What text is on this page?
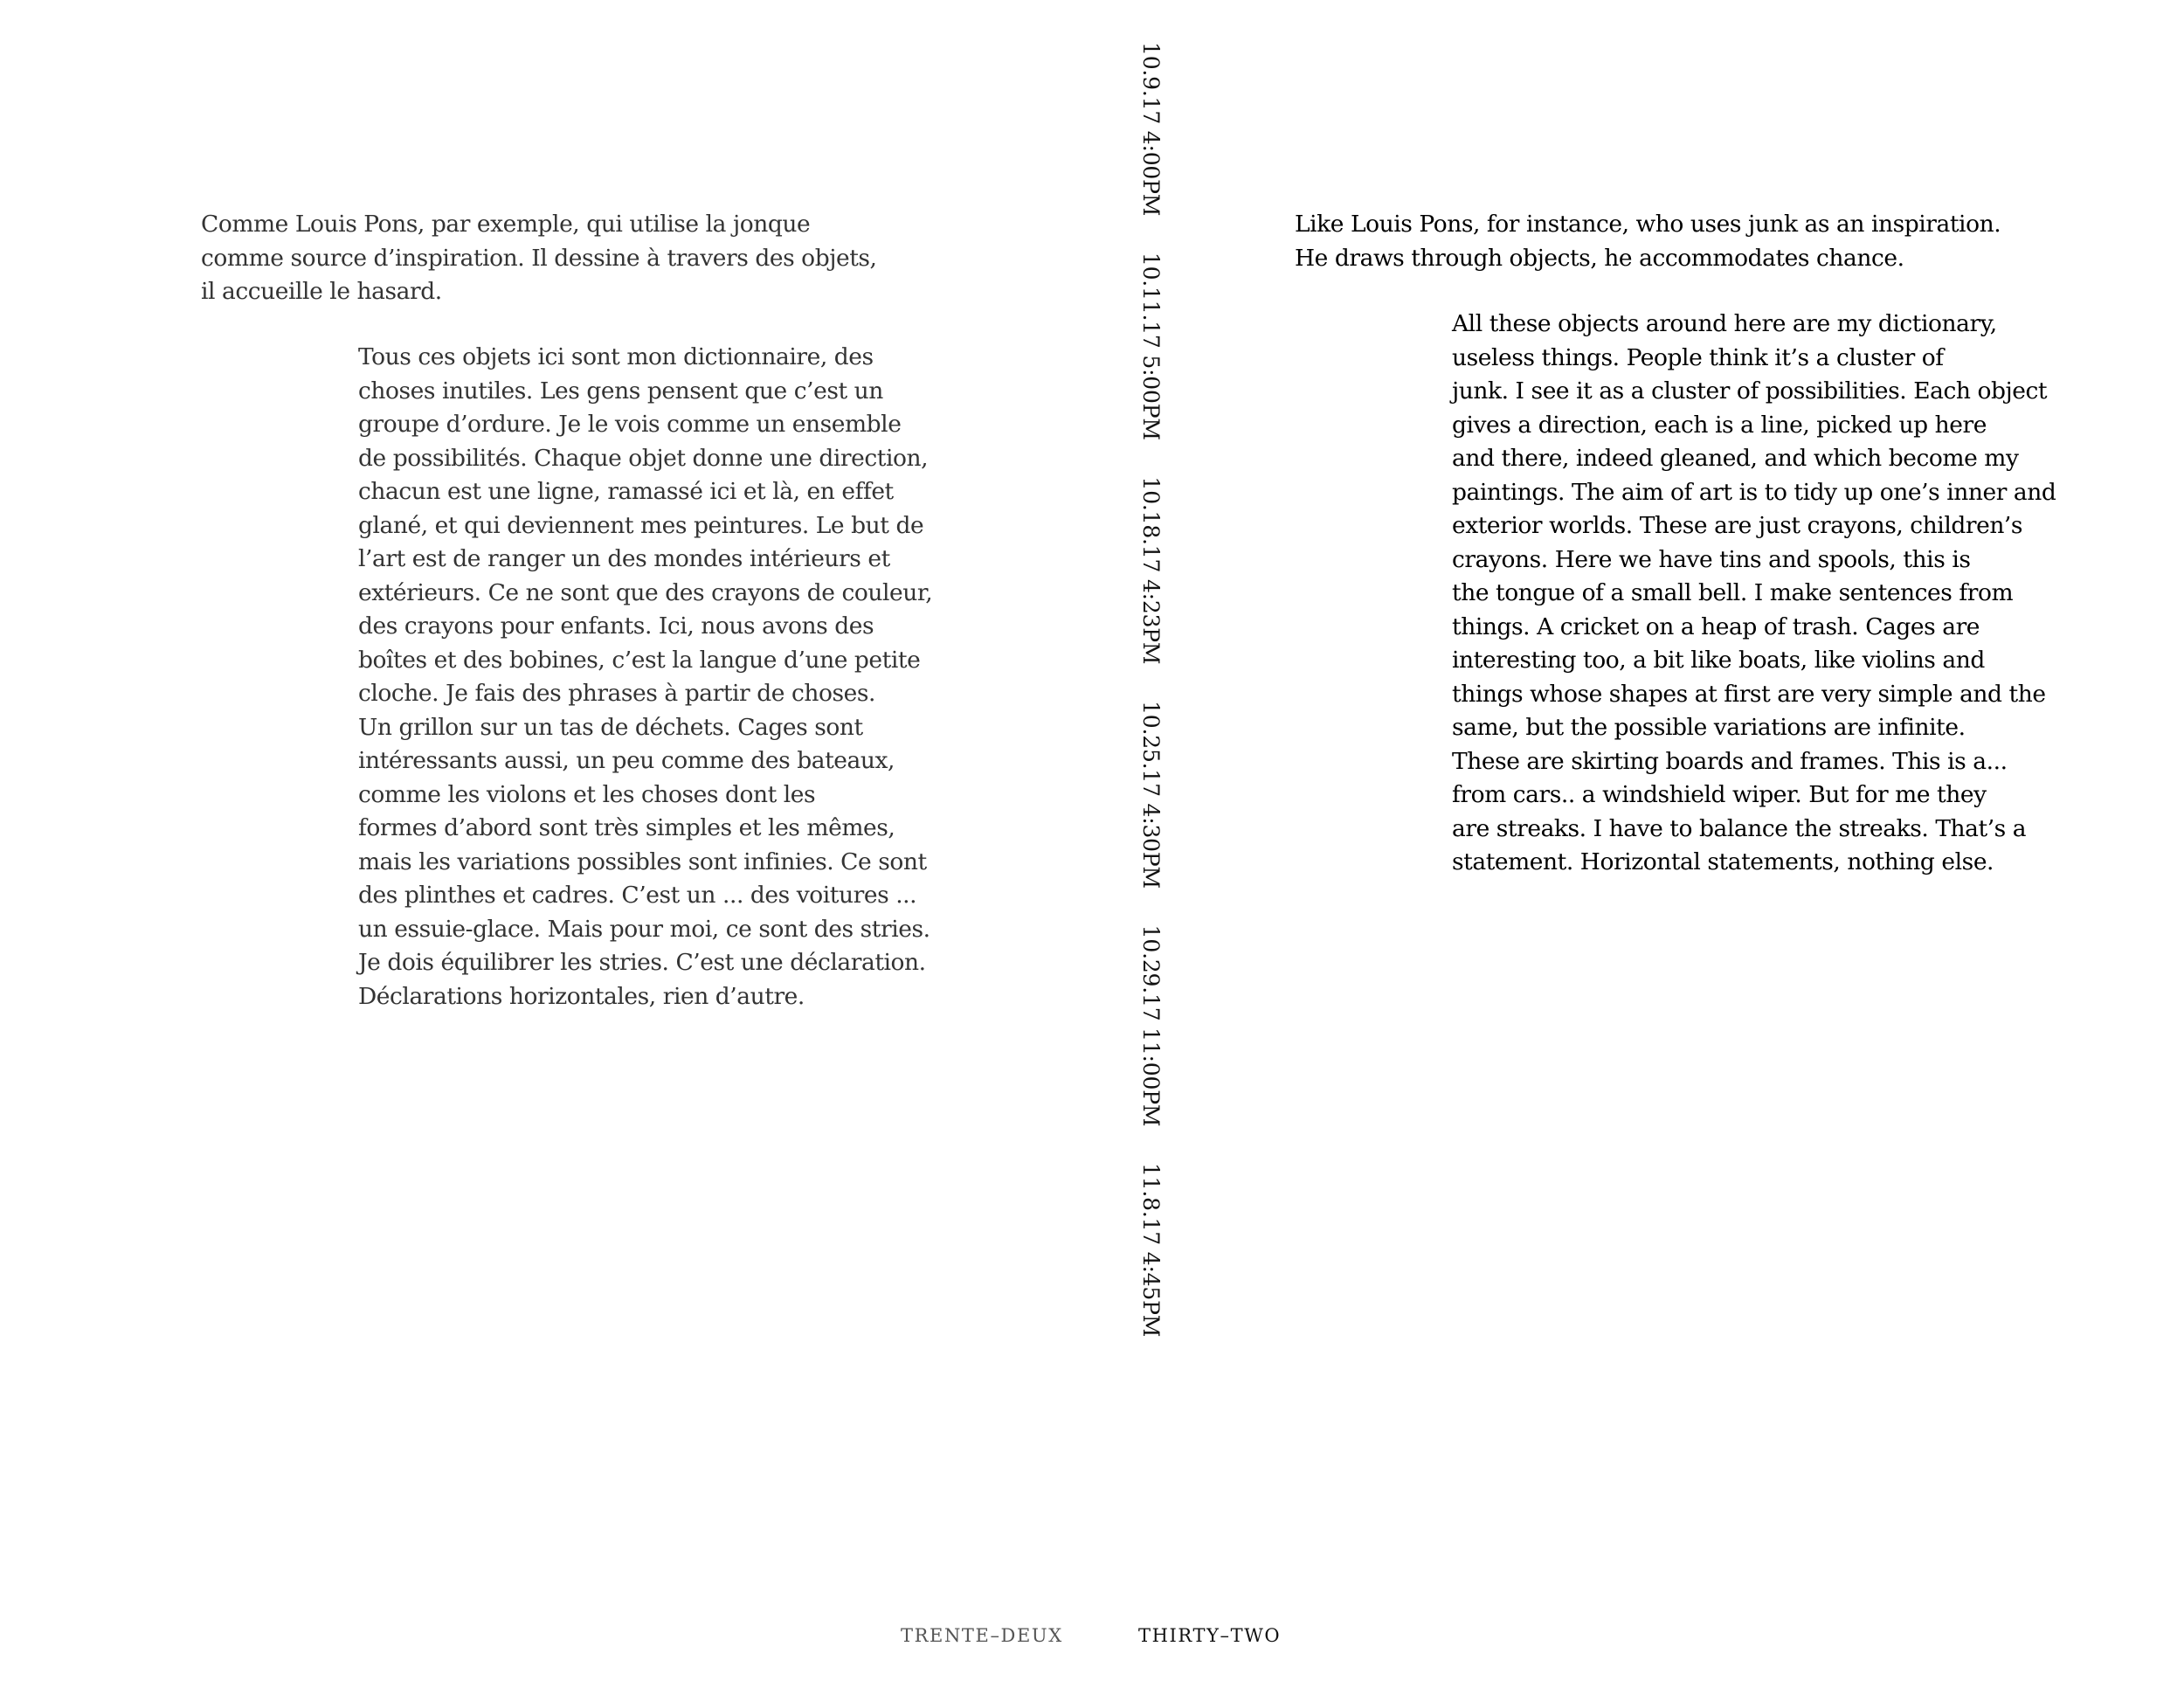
Comme Louis Pons, par exemple, qui utilise la jonque
comme source d’inspiration. Il dessine à travers des objets,
il accueille le hasard.
Tous ces objets ici sont mon dictionnaire, des
choses inutiles. Les gens pensent que c’est un
groupe d’ordure. Je le vois comme un ensemble
de possibilités. Chaque objet donne une direction,
chacun est une ligne, ramassé ici et là, en effet
glané, et qui deviennent mes peintures. Le but de
l’art est de ranger un des mondes intérieurs et
extérieurs. Ce ne sont que des crayons de couleur,
des crayons pour enfants. Ici, nous avons des
boîtes et des bobines, c’est la langue d’une petite
cloche. Je fais des phrases à partir de choses.
Un grillon sur un tas de déchets. Cages sont
intéressants aussi, un peu comme des bateaux,
comme les violons et les choses dont les
formes d’abord sont très simples et les mêmes,
mais les variations possibles sont infinies. Ce sont
des plinthes et cadres. C’est un ... des voitures ...
un essuie-glace. Mais pour moi, ce sont des stries.
Je dois équilibrer les stries. C’est une déclaration.
Déclarations horizontales, rien d’autre.
TRENTE–DEUX
10.9.17 4:00PM 10.11.17 5:00PM 10.18.17 4:23PM 10.25.17 4:30PM 10.29.17 11:00PM 11.8.17 4:45PM
Like Louis Pons, for instance, who uses junk as an inspiration.
He draws through objects, he accommodates chance.
All these objects around here are my dictionary,
useless things. People think it’s a cluster of
junk. I see it as a cluster of possibilities. Each object
gives a direction, each is a line, picked up here
and there, indeed gleaned, and which become my
paintings. The aim of art is to tidy up one’s inner and
exterior worlds. These are just crayons, children’s
crayons. Here we have tins and spools, this is
the tongue of a small bell. I make sentences from
things. A cricket on a heap of trash. Cages are
interesting too, a bit like boats, like violins and
things whose shapes at first are very simple and the
same, but the possible variations are infinite.
These are skirting boards and frames. This is a...
from cars.. a windshield wiper. But for me they
are streaks. I have to balance the streaks. That’s a
statement. Horizontal statements, nothing else.
THIRTY–TWO
